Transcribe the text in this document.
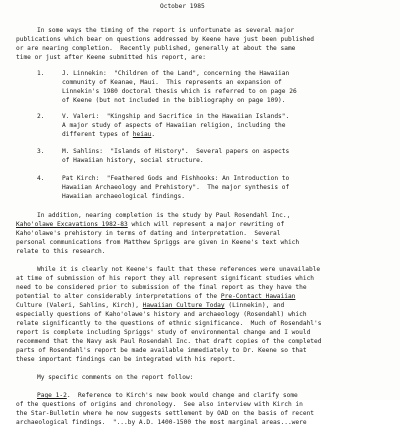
October 1985
In some ways the timing of the report is unfortunate as several major
publications which bear on questions addressed by Keene have just been published
or are nearing completion.  Recently published, generally at about the same
time or just after Keene submitted his report, are:
1.	J. Linnekin:  "Children of the Land", concerning the Hawaiian
community of Keanae, Maui.  This represents an expansion of
Linnekin's 1980 doctoral thesis which is referred to on page 26
of Keene (but not included in the bibliography on page 109).
2.	V. Valeri:  "Kingship and Sacrifice in the Hawaiian Islands".
A major study of aspects of Hawaiian religion, including the
different types of heiau.
3.	M. Sahlins:  "Islands of History".  Several papers on aspects
of Hawaiian history, social structure.
4.	Pat Kirch:  "Feathered Gods and Fishhooks: An Introduction to
Hawaiian Archaeology and Prehistory".  The major synthesis of
Hawaiian archaeological findings.
In addition, nearing completion is the study by Paul Rosendahl Inc.,
Kaho'olawe Excavations 1982-83 which will represent a major rewriting of
Kaho'olawe's prehistory in terms of dating and interpretation.  Several
personal communications from Matthew Spriggs are given in Keene's text which
relate to this research.
While it is clearly not Keene's fault that these references were unavailable
at time of submission of his report they all represent significant studies which
need to be considered prior to submission of the final report as they have the
potential to alter considerably interpretations of the Pre-Contact Hawaiian
Culture (Valeri, Sahlins, Kirch), Hawaiian Culture Today (Linnekin), and
especially questions of Kaho'olawe's history and archaeology (Rosendahl) which
relate significantly to the questions of ethnic significance.  Much of Rosendahl's
report is complete including Spriggs' study of environmental change and I would
recommend that the Navy ask Paul Rosendahl Inc. that draft copies of the completed
parts of Rosendahl's report be made available immediately to Dr. Keene so that
these important findings can be integrated with his report.
My specific comments on the report follow:
Page 1-2.  Reference to Kirch's new book would change and clarify some
of the questions of origins and chronology.  See also interview with Kirch in
the Star-Bulletin where he now suggests settlement by OAD on the basis of recent
archaeological findings.  "...by A.D. 1400-1500 the most marginal areas...were
